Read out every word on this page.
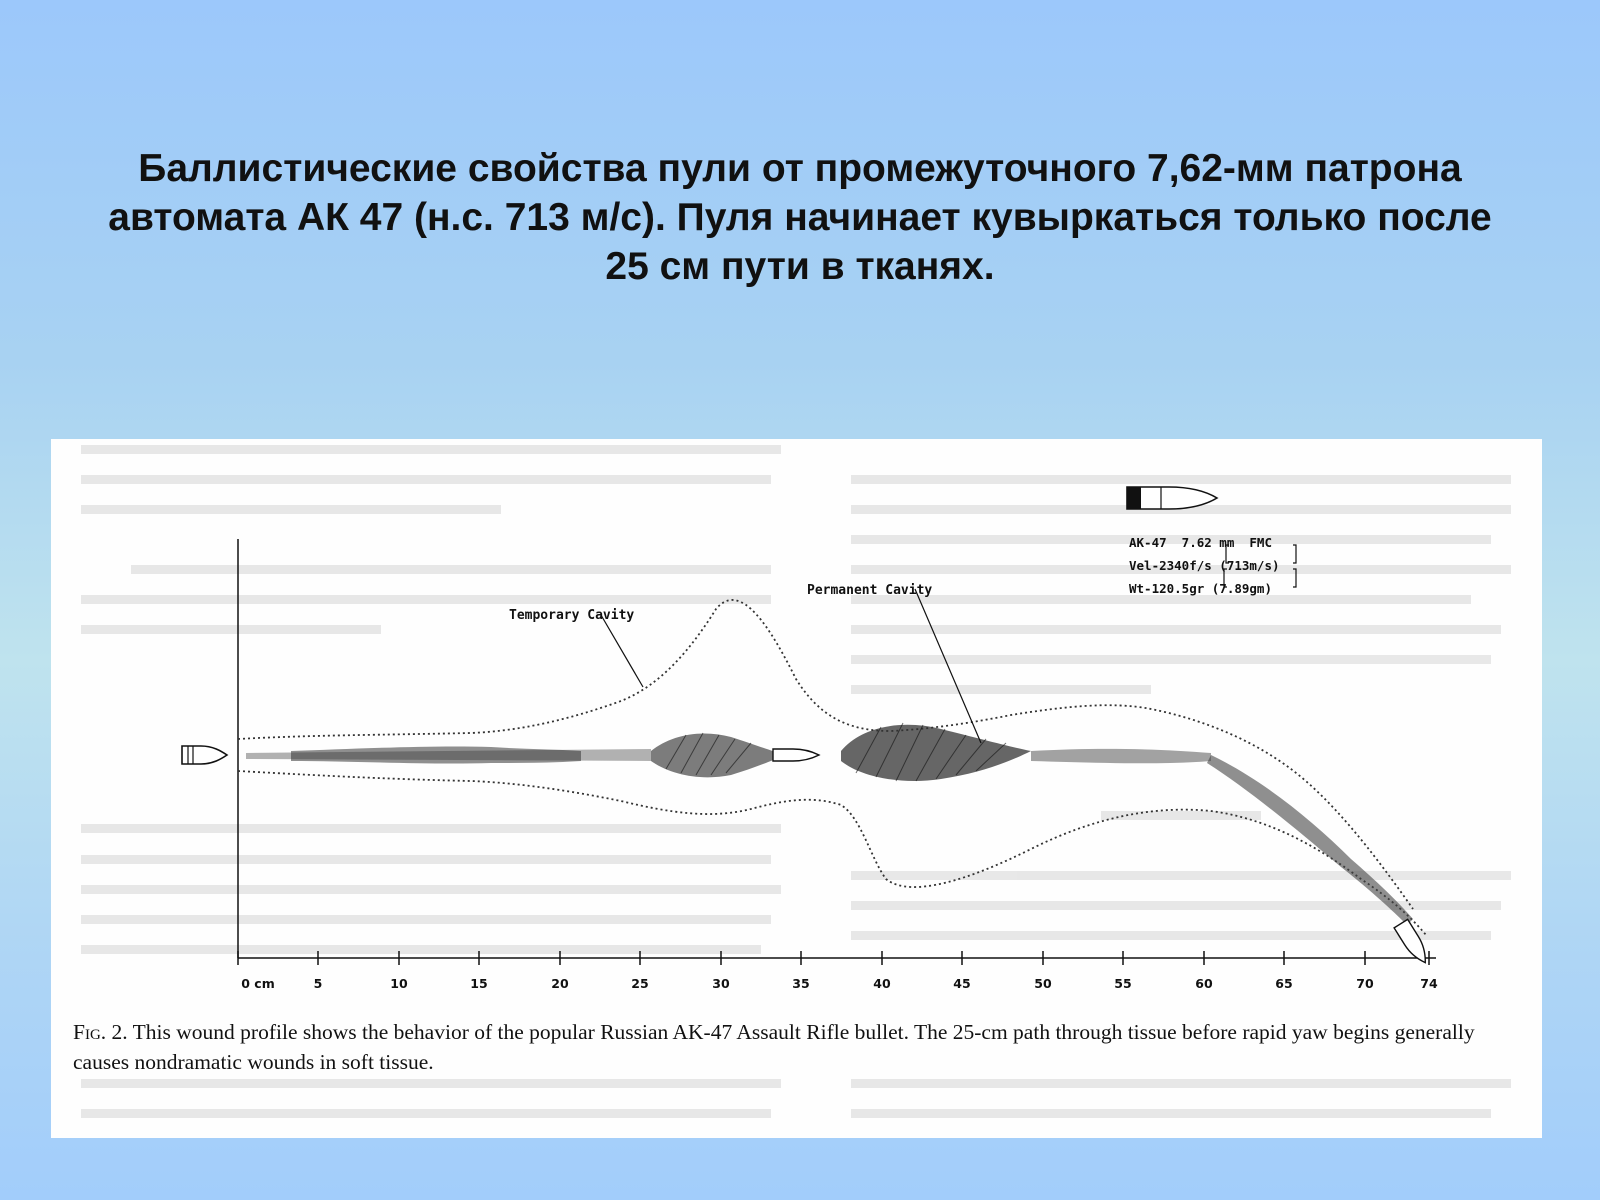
Баллистические свойства пули от промежуточного 7,62-мм патрона автомата АК 47 (н.с. 713 м/с). Пуля начинает кувыркаться только после 25 см пути в тканях.
Temporary Cavity
Permanent Cavity
AK-47  7.62 mm  FMC
Vel-2340f/s (713m/s)
Wt-120.5gr (7.89gm)
0 cm	5	10	15	20	25	30	35	40	45	50	55	60	65	70	74
Fig. 2. This wound profile shows the behavior of the popular Russian AK-47 Assault Rifle bullet. The 25-cm path through tissue before rapid yaw begins generally causes nondramatic wounds in soft tissue.
